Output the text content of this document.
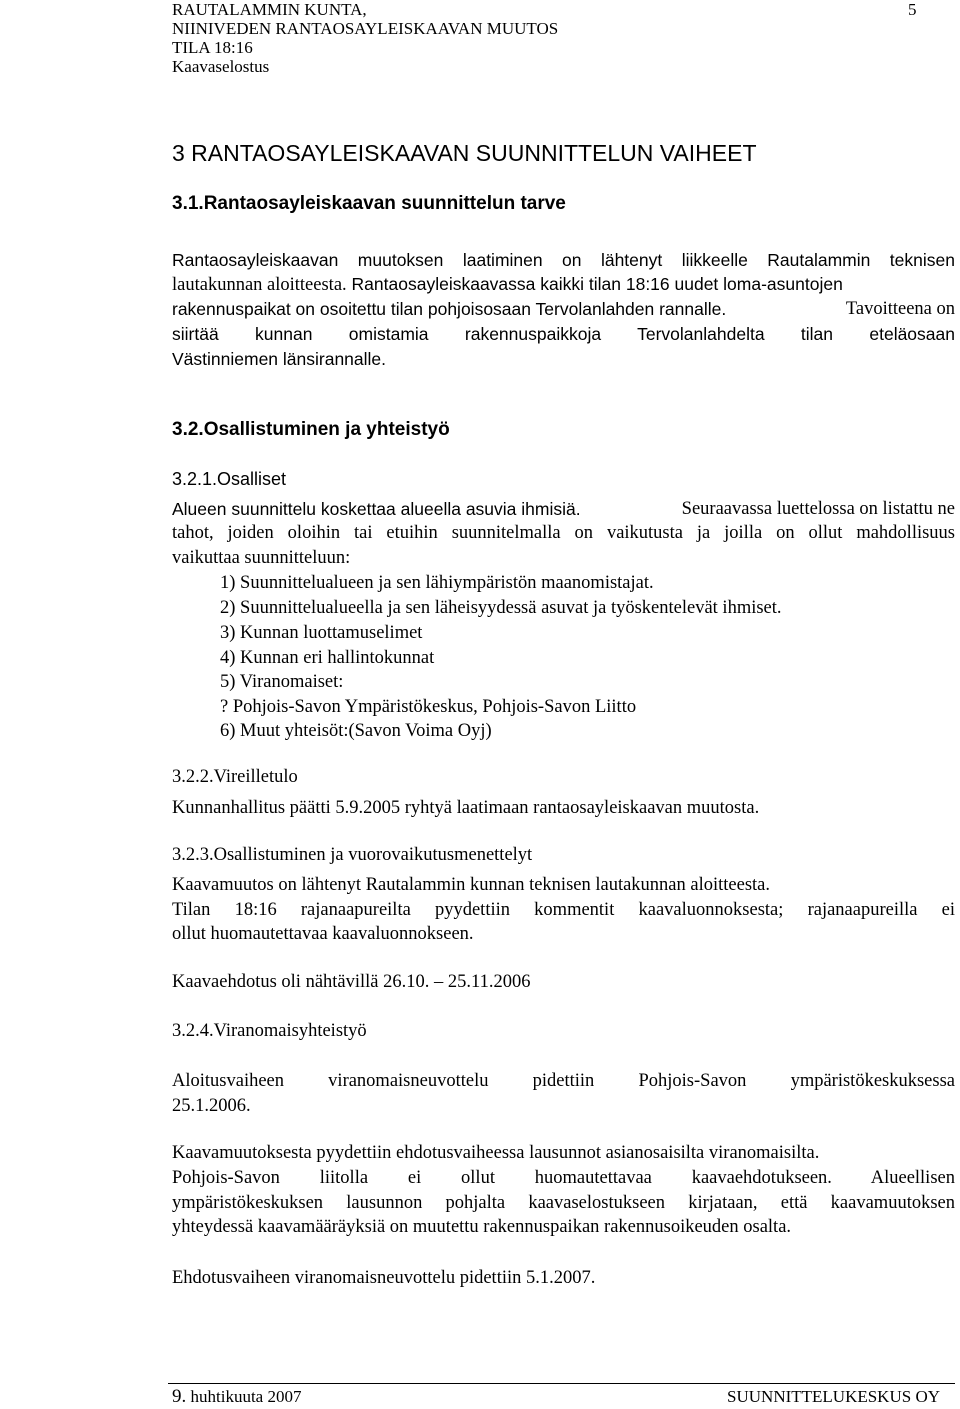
RAUTALAMMIN KUNTA,
NIINIVEDEN RANTAOSAYLEISKAAVAN MUUTOS
TILA 18:16
Kaavaselostus
5
3 RANTAOSAYLEISKAAVAN SUUNNITTELUN VAIHEET
3.1.Rantaosayleiskaavan suunnittelun tarve
Rantaosayleiskaavan muutoksen laatiminen on lähtenyt liikkeelle Rautalammin teknisen
lautakunnan aloitteesta. Rantaosayleiskaavassa kaikki tilan 18:16 uudet loma-asuntojen
rakennuspaikat on osoitettu tilan pohjoisosaan Tervolanlahden rannalle.	Tavoitteena on
siirtää kunnan omistamia rakennuspaikkoja Tervolanlahdelta tilan eteläosaan
Västinniemen länsirannalle.
3.2.Osallistuminen ja yhteistyö
3.2.1.Osalliset
Alueen suunnittelu koskettaa alueella asuvia ihmisiä.	Seuraavassa luettelossa on listattu ne
tahot, joiden oloihin tai etuihin suunnitelmalla on vaikutusta ja joilla on ollut mahdollisuus
vaikuttaa suunnitteluun:
1) Suunnittelualueen ja sen lähiympäristön maanomistajat.
2) Suunnittelualueella ja sen läheisyydessä asuvat ja työskentelevät ihmiset.
3) Kunnan luottamuselimet
4) Kunnan eri hallintokunnat
5) Viranomaiset:
? Pohjois-Savon Ympäristökeskus, Pohjois-Savon Liitto
6) Muut yhteisöt:(Savon Voima Oyj)
3.2.2.Vireilletulo
Kunnanhallitus päätti 5.9.2005 ryhtyä laatimaan rantaosayleiskaavan muutosta.
3.2.3.Osallistuminen ja vuorovaikutusmenettelyt
Kaavamuutos on lähtenyt Rautalammin kunnan teknisen lautakunnan aloitteesta.
Tilan 18:16 rajanaapureilta pyydettiin kommentit kaavaluonnoksesta; rajanaapureilla ei
ollut huomautettavaa kaavaluonnokseen.
Kaavaehdotus oli nähtävillä 26.10. – 25.11.2006
3.2.4.Viranomaisyhteistyö
Aloitusvaiheen viranomaisneuvottelu pidettiin Pohjois-Savon ympäristökeskuksessa
25.1.2006.
Kaavamuutoksesta pyydettiin ehdotusvaiheessa lausunnot asianosaisilta viranomaisilta.
Pohjois-Savon liitolla ei ollut huomautettavaa kaavaehdotukseen. Alueellisen
ympäristökeskuksen lausunnon pohjalta kaavaselostukseen kirjataan, että kaavamuutoksen
yhteydessä kaavamääräyksiä on muutettu rakennuspaikan rakennusoikeuden osalta.
Ehdotusvaiheen viranomaisneuvottelu pidettiin 5.1.2007.
9. huhtikuuta 2007	SUUNNITTELUKESKUS OY
